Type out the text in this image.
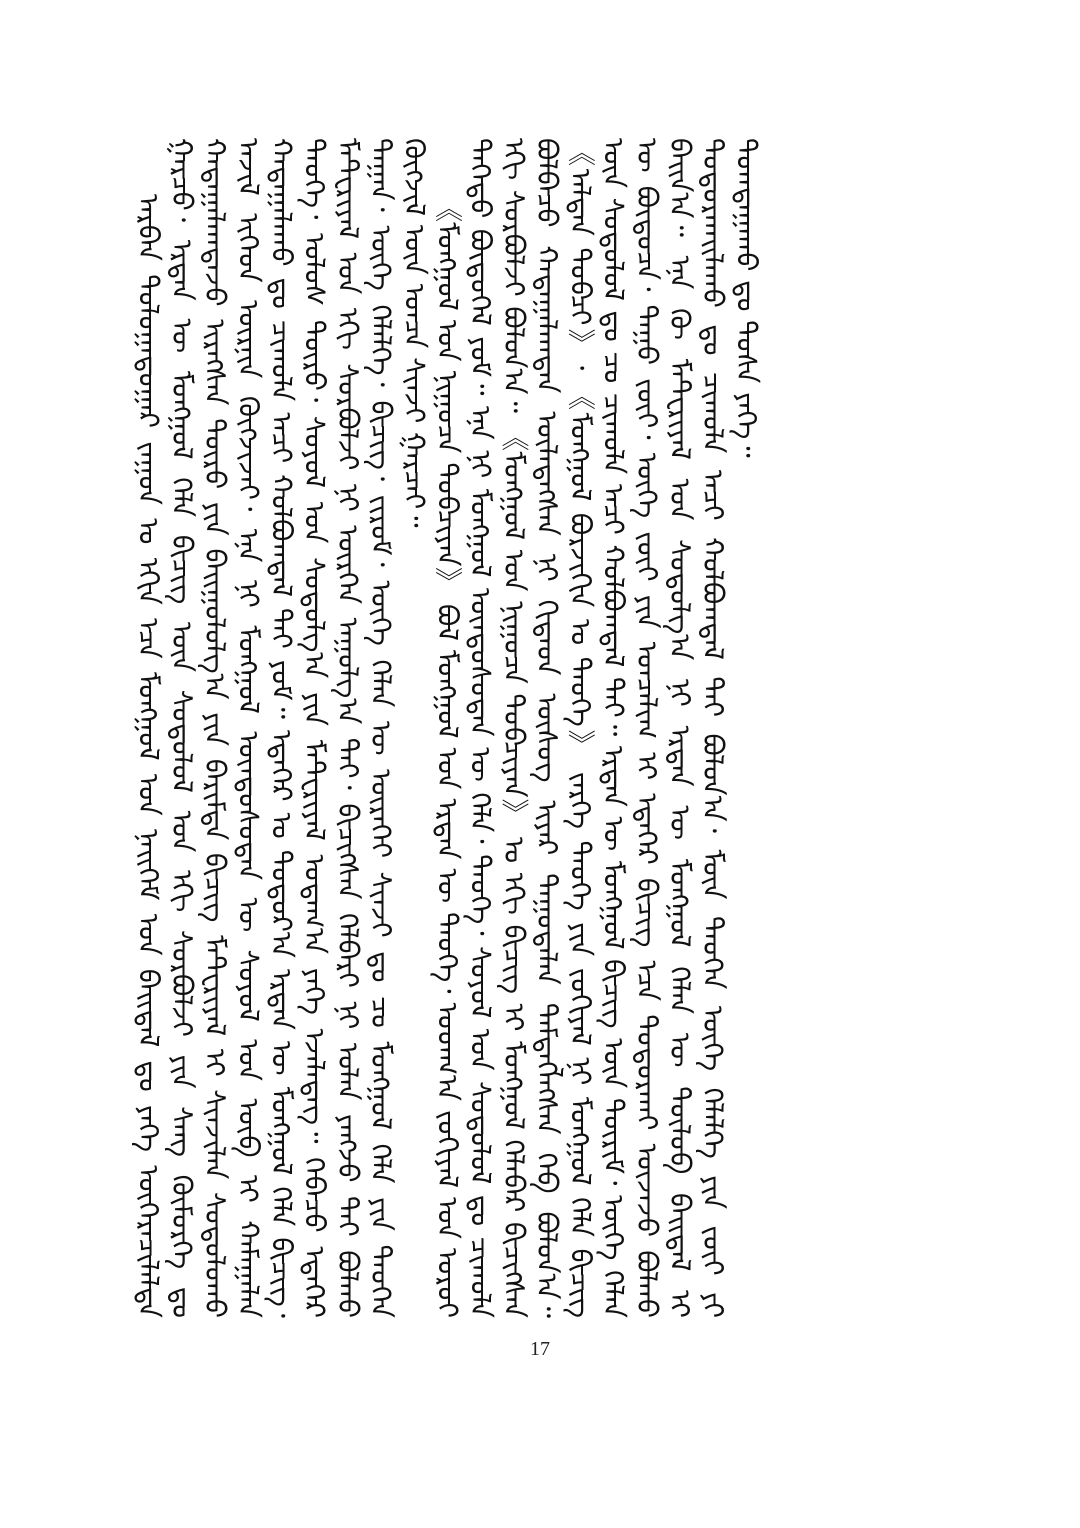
ᠠᠷᠪᠠᠨ ᠳᠣᠯᠣᠭᠠᠳᠤᠭᠠᠷ ᠵᠠᠭᠤᠨ ᠤ ᠡᠬᠢᠨ ᠡᠴᠡ ᠮᠣᠩᠭᠣᠯ ᠤᠨ ᠨᠡᠢᠭᠡᠮ ᠤᠨ ᠪᠠᠢᠳᠠᠯ ᠳᠤ ᠶᠡᠬᠡ ᠥᠭᠡᠷᠡᠴᠢᠯᠡᠯᠲᠡ ᠭᠠᠷᠴᠤ᠂ ᠡᠷᠲᠡᠨ ᠦ ᠮᠣᠩᠭᠣᠯ ᠬᠡᠯᠡ ᠪᠢᠴᠢᠭ ᠦᠨ ᠰᠤᠳᠤᠯᠤᠯ ᠤᠨ ᠡᠬᠢ ᠰᠤᠷᠪᠤᠯᠵᠢ ᠶᠢᠨ ᠰᠠᠩ ᠬᠥᠮᠥᠷᠭᠡ ᠳᠤ ᠬᠠᠳᠠᠭᠠᠯᠠᠭᠳᠠᠵᠤ ᠢᠷᠡᠭᠰᠡᠨ ᠲᠥᠷᠦ ᠶᠢᠨ ᠪᠠᠢᠭᠤᠯᠤᠯᠭ᠎ᠠ ᠶᠢᠨ ᠪᠠᠷᠢᠮᠲᠠ ᠪᠢᠴᠢᠭ ᠮᠠᠲ᠋ᠧᠷᠢᠶᠠᠯ ᠢ ᠰᠢᠨᠵᠢᠯᠡᠨ ᠰᠤᠳᠤᠯᠤᠬᠤ ᠠᠵᠢᠯ ᠢᠬᠡᠳ ᠥᠷᠨᠢᠨ ᠬᠥᠭᠵᠢᠵᠡᠢ᠂ ᠡᠨᠡ ᠨᠢ ᠮᠣᠩᠭᠣᠯ ᠦᠨᠳᠦᠰᠦᠲᠡᠨ ᠦ ᠰᠣᠶᠣᠯ ᠤᠨ ᠦᠪ ᠢ ᠬᠠᠮᠠᠭᠠᠯᠠᠨ ᠬᠠᠳᠠᠭᠠᠯᠠᠬᠤ ᠳᠤ ᠴᠢᠬᠤᠯᠠ ᠠᠴᠢ ᠬᠣᠯᠪᠣᠭᠳᠠᠯ ᠲᠠᠢ ᠶᠤᠮ᠃ ᠡᠳᠡᠭᠡᠷ ᠤ ᠳᠣᠲᠣᠷ᠎ᠠ ᠡᠷᠲᠡᠨ ᠦ ᠮᠣᠩᠭᠣᠯ ᠬᠡᠯᠡ ᠪᠢᠴᠢᠭ᠂ ᠲᠡᠦᠬᠡ᠂ ᠤᠯᠤᠰ ᠲᠥᠷᠦ᠂ ᠰᠣᠶᠣᠯ ᠤᠨ ᠰᠤᠳᠤᠯᠭ᠎ᠠ ᠶᠢᠨ ᠮᠠᠲ᠋ᠧᠷᠢᠶᠠᠯ ᠤᠳᠠᠭ᠎ᠠ ᠶᠡᠬᠡ ᠡᠵᠡᠯᠡᠳᠡᠭ᠃ ᠭᠡᠪᠡᠴᠦ ᠡᠳᠡᠭᠡᠷ ᠮᠠᠲ᠋ᠧᠷᠢᠶᠠᠯ ᠤᠨ ᠡᠬᠢ ᠰᠤᠷᠪᠤᠯᠵᠢ ᠨᠢ ᠥᠷᠭᠡᠨ ᠠᠭᠤᠯᠭ᠎ᠠ ᠲᠠᠢ᠂ ᠪᠢᠴᠢᠭᠰᠡᠨ ᠬᠡᠯᠪᠡᠷᠢ ᠨᠢ ᠣᠯᠠᠨ ᠶᠠᠩᠵᠤ ᠲᠠᠢ ᠪᠣᠯᠬᠤ ᠳᠠᠭᠠᠨ᠂ ᠦᠭᠡ ᠬᠡᠯᠡᠯᠭᠡ᠂ ᠪᠢᠴᠢᠭ᠂ ᠵᠢᠷᠤᠮ᠂ ᠦᠭᠡ ᠬᠡᠯᠡᠨ ᠦ ᠦᠷᠡᠬᠡᠢ ᠰᠢᠨᠵᠢ ᠳᠤ ᠴᠤ ᠮᠣᠩᠭᠣᠯ ᠬᠡᠯᠡ ᠶᠢᠨ ᠲᠡᠦᠬᠡᠨ ᠬᠥᠭᠵᠢᠯ ᠦᠨ ᠣᠨᠴᠠ ᠰᠢᠨᠵᠢ ᠭᠠᠷᠴᠠᠢ᠃ 《ᠮᠣᠩᠭᠣᠯ ᠤᠨ ᠨᠢᠭᠤᠴᠠ ᠲᠣᠪᠴᠢᠶᠠᠨ》 ᠪᠣᠯ ᠮᠣᠩᠭᠣᠯ ᠤᠨ ᠡᠷᠲᠡᠨ ᠦ ᠲᠡᠦᠬᠡ᠂ ᠤᠳᠬ᠎ᠠ ᠵᠣᠬᠢᠶᠠᠯ ᠤᠨ ᠣᠷᠣᠢ ᠳᠡᠭᠡᠳᠦ ᠪᠦᠲᠦᠭᠡᠯ ᠶᠤᠮ᠃ ᠡᠨᠡ ᠨᠢ ᠮᠣᠩᠭᠣᠯ ᠦᠨᠳᠦᠰᠦᠲᠡᠨ ᠦ ᠬᠡᠯᠡ᠂ ᠲᠡᠦᠬᠡ᠂ ᠰᠣᠶᠣᠯ ᠤᠨ ᠰᠤᠳᠤᠯᠤᠯ ᠳᠤ ᠴᠢᠬᠤᠯᠠ ᠡᠬᠢ ᠰᠤᠷᠪᠤᠯᠵᠢ ᠪᠣᠯᠤᠨ᠎ᠠ᠃ 《ᠮᠣᠩᠭᠣᠯ ᠤᠨ ᠨᠢᠭᠤᠴᠠ ᠲᠣᠪᠴᠢᠶᠠᠨ》 ᠤ ᠡᠬᠢ ᠪᠢᠴᠢᠭ ᠢ ᠮᠣᠩᠭᠣᠯ ᠬᠡᠯᠡᠪᠡᠷ ᠪᠢᠴᠢᠭᠰᠡᠨ ᠪᠣᠯᠪᠠᠴᠤ ᠬᠠᠳᠠᠭᠠᠯᠠᠭᠳᠠᠨ ᠦᠯᠡᠳᠡᠭᠰᠡᠨ ᠨᠢ ᠬᠢᠲᠠᠳ ᠦᠰᠦᠭ ᠢᠶᠡᠷ ᠳᠠᠭᠤᠳᠠᠯᠠᠨ ᠲᠡᠮᠳᠡᠭᠯᠡᠭᠰᠡᠨ ᠬᠡᠪ ᠪᠣᠯᠤᠨ᠎ᠠ᠃ 《ᠠᠯᠲᠠᠨ ᠲᠣᠪᠴᠢ》᠂ 《ᠮᠣᠩᠭᠣᠯ ᠪᠣᠷᠵᠢᠭᠢᠨ ᠤ ᠲᠡᠦᠬᠡ》 ᠵᠡᠷᠭᠡ ᠲᠡᠦᠬᠡ ᠶᠢᠨ ᠵᠣᠬᠢᠶᠠᠯ ᠨᠢ ᠮᠣᠩᠭᠣᠯ ᠬᠡᠯᠡ ᠪᠢᠴᠢᠭ ᠦᠨ ᠰᠤᠳᠤᠯᠤᠯ ᠳᠤ ᠴᠤ ᠴᠢᠬᠤᠯᠠ ᠠᠴᠢ ᠬᠣᠯᠪᠣᠭᠳᠠᠯ ᠲᠠᠢ᠃ ᠡᠷᠲᠡᠨ ᠦ ᠮᠣᠩᠭᠣᠯ ᠪᠢᠴᠢᠭ ᠦᠨ ᠳᠦᠷᠢᠮ᠂ ᠦᠭᠡ ᠬᠡᠯᠡᠨ ᠦ ᠪᠦᠲᠦᠴᠡ᠂ ᠳᠠᠭᠤ ᠵᠦᠢ᠂ ᠦᠭᠡ ᠵᠦᠢ ᠶᠢᠨ ᠣᠨᠴᠠᠯᠢᠭ ᠢ ᠡᠳᠡᠭᠡᠷ ᠪᠢᠴᠢᠭ ᠡᠴᠡ ᠲᠣᠳᠣᠷᠬᠠᠢ ᠦᠵᠡᠵᠦ ᠪᠣᠯᠬᠤ ᠪᠠᠢᠨ᠎ᠠ᠃ ᠡᠨᠡ ᠬᠦ ᠮᠠᠲ᠋ᠧᠷᠢᠶᠠᠯ ᠤᠨ ᠰᠤᠳᠤᠯᠭ᠎ᠠ ᠨᠢ ᠡᠷᠲᠡᠨ ᠦ ᠮᠣᠩᠭᠣᠯ ᠬᠡᠯᠡᠨ ᠦ ᠲᠥᠯᠥᠪ ᠪᠠᠢᠳᠠᠯ ᠢ ᠲᠣᠳᠤᠷᠬᠠᠢᠯᠠᠬᠤ ᠳᠤ ᠴᠢᠬᠤᠯᠠ ᠠᠴᠢ ᠬᠣᠯᠪᠣᠭᠳᠠᠯ ᠲᠠᠢ ᠪᠣᠯᠤᠨ᠎ᠠ᠂ ᠮᠥᠨ ᠲᠡᠦᠬᠡᠨ ᠦᠭᠡ ᠬᠡᠯᠡᠯᠭᠡ ᠶᠢᠨ ᠵᠦᠢ ᠶᠢ ᠲᠣᠭᠲᠠᠭᠠᠬᠤ ᠳᠤ ᠳᠤᠰᠠ ᠶᠡᠬᠡ᠃

17
